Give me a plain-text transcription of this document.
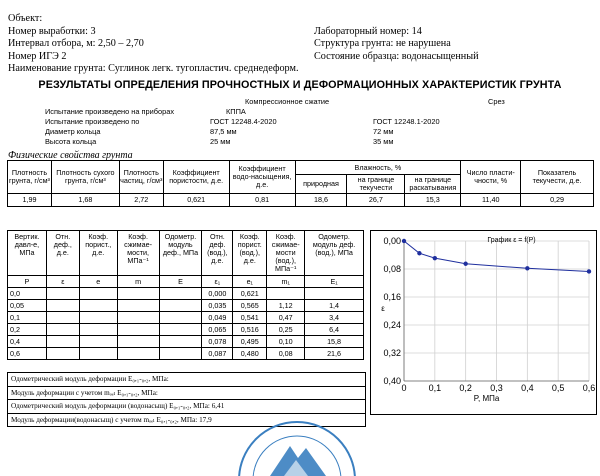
Объект:
Номер выработки: 3
Интервал отбора, м: 2,50 – 2,70
Номер ИГЭ 2
Наименование грунта: Суглинок легк. тугопластич. среднедеформ.
Лабораторный номер: 14
Структура грунта: не нарушена
Состояние образца: водонасыщенный
РЕЗУЛЬТАТЫ ОПРЕДЕЛЕНИЯ ПРОЧНОСТНЫХ И ДЕФОРМАЦИОННЫХ ХАРАКТЕРИСТИК ГРУНТА
Компрессионное сжатие	Срез
Испытание произведено на приборах	КППА
Испытание произведено по	ГОСТ 12248.4-2020	ГОСТ 12248.1-2020
Диаметр кольца	87,5 мм	72 мм
Высота кольца	25 мм	35 мм
Физические свойства грунта
Плотность грунта, г/см³	Плотность сухого грунта, г/см³	Плотность частиц, г/см³	Коэффициент пористости, д.е.	Коэффициент водо-насыщения, д.е.	Влажность, %			Число пласти-чности, %	Показатель текучести, д.е.
					природная	на границе текучести	на границе раскатывания		
1,99	1,68	2,72	0,621	0,81	18,6	26,7	15,3	11,40	0,29
Вертик. давл-е, МПа	Отн. деф., д.е.	Коэф. порист., д.е.	Коэф. сжимае-мости, МПа⁻¹	Одометр. модуль деф., МПа	Отн. деф. (вод.), д.е.	Коэф. порист. (вод.), д.е.	Коэф. сжимае-мости (вод.), МПа⁻¹	Одометр. модуль деф. (вод.), МПа
P	ε	e	m	E	ε₁	e₁	m₁	E₁
0,0					0,000	0,621		
0,05					0,035	0,565	1,12	1,4
0,1					0,049	0,541	0,47	3,4
0,2					0,065	0,516	0,25	6,4
0,4					0,078	0,495	0,10	15,8
0,6					0,087	0,480	0,08	21,6
Одометрический модуль деформации E₀,₁-₀,₂, МПа:
Модуль деформации с учетом mₒₑₗ E₀,₁-₀,₂, МПа:
Одометрический модуль деформации (водонасыщ) E₀,₁-₀,₂, МПа: 6,41
Модуль деформации(водонасыщ) с учетом mₒₑₗ E₀,₁-₀,₂, МПа: 17,9
0 0,1 0,2 0,3 0,4 0,5 0,6
0,00
0,08
0,16
0,24
0,32
0,40
График ε = f(P)
P, МПа
ε
